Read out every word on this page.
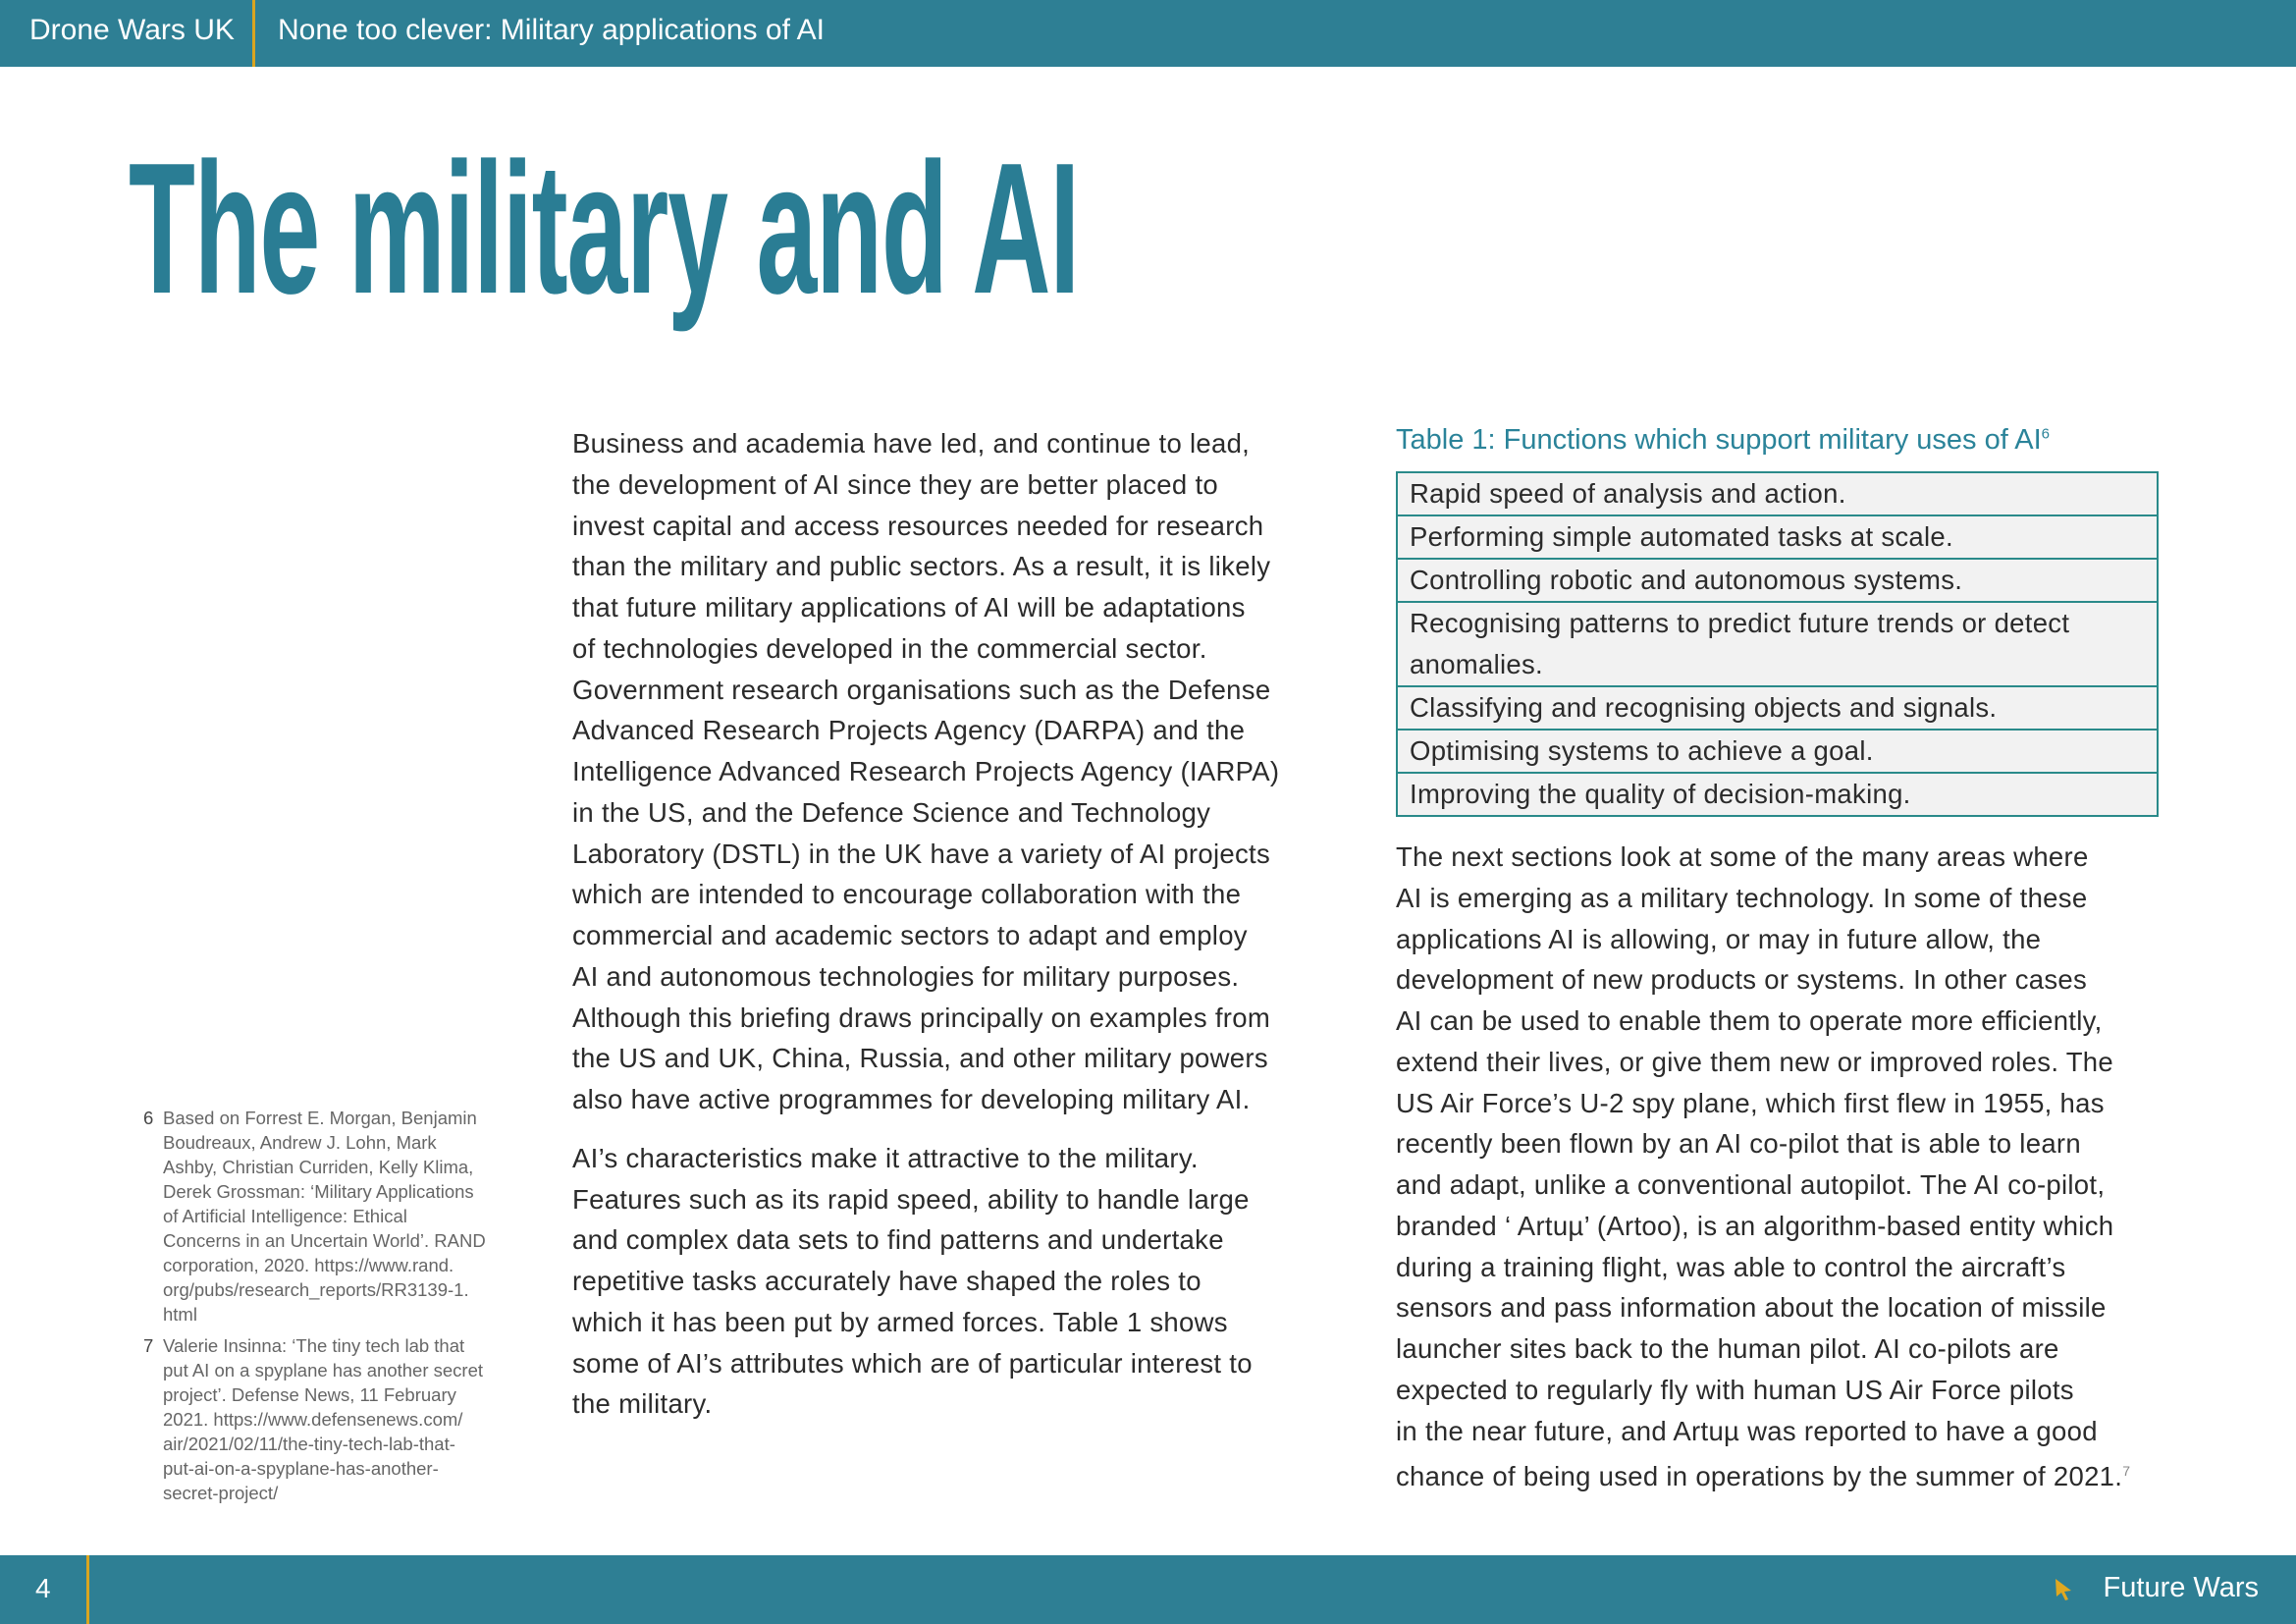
Drone Wars UK None too clever: Military applications of AI
The military and AI
Business and academia have led, and continue to lead,
the development of AI since they are better placed to
invest capital and access resources needed for research
than the military and public sectors. As a result, it is likely
that future military applications of AI will be adaptations
of technologies developed in the commercial sector.
Government research organisations such as the Defense
Advanced Research Projects Agency (DARPA) and the
Intelligence Advanced Research Projects Agency (IARPA)
in the US, and the Defence Science and Technology
Laboratory (DSTL) in the UK have a variety of AI projects
which are intended to encourage collaboration with the
commercial and academic sectors to adapt and employ
AI and autonomous technologies for military purposes.
Although this briefing draws principally on examples from
the US and UK, China, Russia, and other military powers
also have active programmes for developing military AI.
AI’s characteristics make it attractive to the military.
Features such as its rapid speed, ability to handle large
and complex data sets to find patterns and undertake
repetitive tasks accurately have shaped the roles to
which it has been put by armed forces. Table 1 shows
some of AI’s attributes which are of particular interest to
the military.
Table 1: Functions which support military uses of $AI^6$
Rapid speed of analysis and action.
Performing simple automated tasks at scale.
Controlling robotic and autonomous systems.
Recognising patterns to predict future trends or detect anomalies.
Classifying and recognising objects and signals.
Optimising systems to achieve a goal.
Improving the quality of decision-making.
The next sections look at some of the many areas where
AI is emerging as a military technology. In some of these
applications AI is allowing, or may in future allow, the
development of new products or systems. In other cases
AI can be used to enable them to operate more efficiently,
extend their lives, or give them new or improved roles. The
US Air Force’s U-2 spy plane, which first flew in 1955, has
recently been flown by an AI co-pilot that is able to learn
and adapt, unlike a conventional autopilot. The AI co-pilot,
branded ‘ Artuµ’ (Artoo), is an algorithm-based entity which
during a training flight, was able to control the aircraft’s
sensors and pass information about the location of missile
launcher sites back to the human pilot. AI co-pilots are
expected to regularly fly with human US Air Force pilots
in the near future, and Artuµ was reported to have a good
chance of being used in operations by the summer of 2021.$^7$
6 Based on Forrest E. Morgan, Benjamin
Boudreaux, Andrew J. Lohn, Mark
Ashby, Christian Curriden, Kelly Klima,
Derek Grossman: ‘Military Applications
of Artificial Intelligence: Ethical
Concerns in an Uncertain World’. RAND
corporation, 2020. https://www.rand.
org/pubs/research_reports/RR3139-1.
html
7 Valerie Insinna: ‘The tiny tech lab that
put AI on a spyplane has another secret
project’. Defense News, 11 February
2021. https://www.defensenews.com/
air/2021/02/11/the-tiny-tech-lab-that-
put-ai-on-a-spyplane-has-another-
secret-project/
4	Future Wars
